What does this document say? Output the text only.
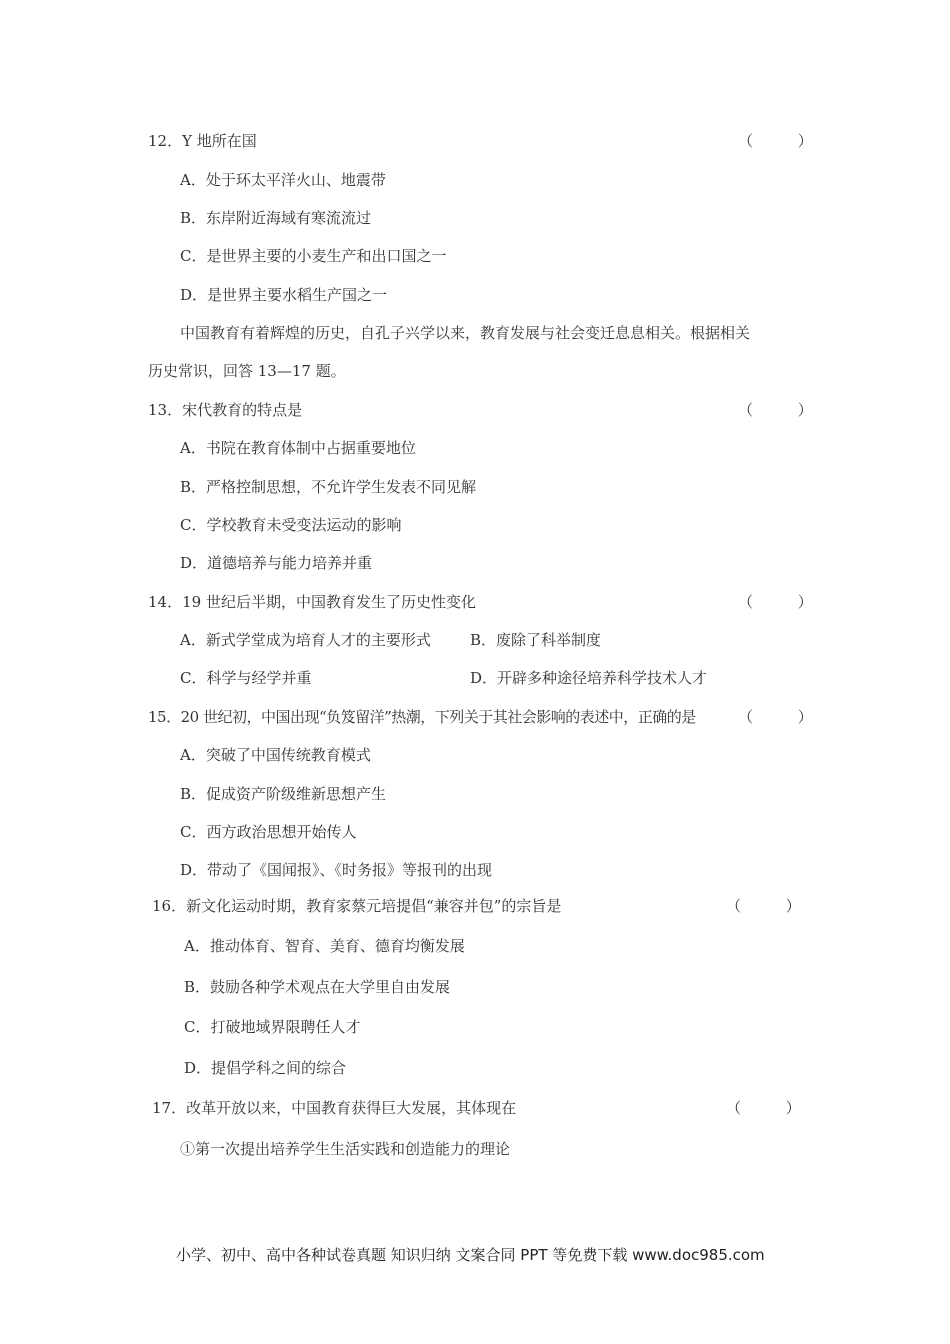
12．Y 地所在国	（ ）
A．处于环太平洋火山、地震带
B．东岸附近海域有寒流流过
C．是世界主要的小麦生产和出口国之一
D．是世界主要水稻生产国之一
中国教育有着辉煌的历史，自孔子兴学以来，教育发展与社会变迁息息相关。根据相关
历史常识，回答 13—17 题。
13．宋代教育的特点是	（ ）
A．书院在教育体制中占据重要地位
B．严格控制思想，不允许学生发表不同见解
C．学校教育未受变法运动的影响
D．道德培养与能力培养并重
14．19 世纪后半期，中国教育发生了历史性变化	（ ）
A．新式学堂成为培育人才的主要形式	B．废除了科举制度
C．科学与经学并重	D．开辟多种途径培养科学技术人才
15．20 世纪初，中国出现“负笈留洋”热潮，下列关于其社会影响的表述中，正确的是	（ ）
A．突破了中国传统教育模式
B．促成资产阶级维新思想产生
C．西方政治思想开始传人
D．带动了《国闻报》、《时务报》等报刊的出现
16．新文化运动时期，教育家蔡元培提倡“兼容并包”的宗旨是	（ ）
A．推动体育、智育、美育、德育均衡发展
B．鼓励各种学术观点在大学里自由发展
C．打破地域界限聘任人才
D．提倡学科之间的综合
17．改革开放以来，中国教育获得巨大发展，其体现在	（ ）
①第一次提出培养学生生活实践和创造能力的理论
小学、初中、高中各种试卷真题 知识归纳 文案合同 PPT 等免费下载 www.doc985.com
